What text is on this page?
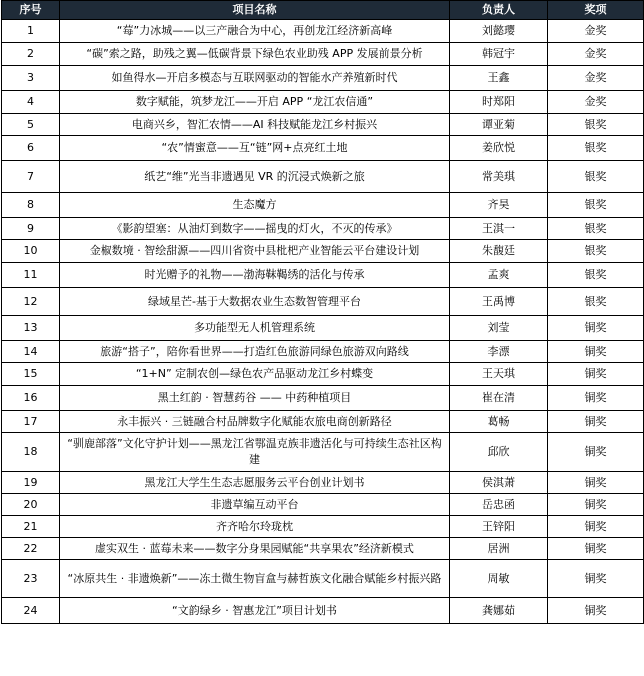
序号	项目名称	负责人	奖项
1	“莓”力冰城——以三产融合为中心，再创龙江经济新高峰	刘懿璎	金奖
2	“碳”索之路，助残之翼—低碳背景下绿色农业助残 APP 发展前景分析	韩冠宇	金奖
3	如鱼得水—开启多模态与互联网驱动的智能水产养殖新时代	王鑫	金奖
4	数字赋能，筑梦龙江——开启 APP “龙江农信通”	时郑阳	金奖
5	电商兴乡，智汇农情——AI 科技赋能龙江乡村振兴	谭亚菊	银奖
6	“农”情蜜意——互“链”网+点亮红土地	姜欣悦	银奖
7	纸艺“维”光当非遗遇见 VR 的沉浸式焕新之旅	常美琪	银奖
8	生态魔方	齐昊	银奖
9	《影韵望塞：从油灯到数字——摇曳的灯火，不灭的传承》	王淇一	银奖
10	金椒数境 · 智绘甜源——四川省资中县枇杷产业智能云平台建设计划	朱馥廷	银奖
11	时光赠予的礼物——渤海靺鞨绣的活化与传承	孟爽	银奖
12	绿域星芒-基于大数据农业生态数智管理平台	王禹博	银奖
13	多功能型无人机管理系统	刘莹	铜奖
14	旅游“搭子”，陪你看世界——打造红色旅游同绿色旅游双向路线	李漂	铜奖
15	“1+N” 定制农创—绿色农产品驱动龙江乡村蝶变	王天琪	铜奖
16	黑土红韵 · 智慧药谷 —— 中药种植项目	崔在清	铜奖
17	永丰振兴 · 三链融合村品牌数字化赋能农旅电商创新路径	葛畅	铜奖
18	“驯鹿部落”文化守护计划——黑龙江省鄂温克族非遗活化与可持续生态社区构建	邱欣	铜奖
19	黑龙江大学生生态志愿服务云平台创业计划书	侯淇萧	铜奖
20	非遗草编互动平台	岳忠函	铜奖
21	齐齐哈尔玲珑枕	王锌阳	铜奖
22	虚实双生 · 蓝莓未来——数字分身果园赋能“共享果农”经济新模式	居洲	铜奖
23	“冰原共生 · 非遗焕新”——冻土微生物盲盒与赫哲族文化融合赋能乡村振兴路	周敏	铜奖
24	“文韵绿乡 · 智惠龙江”项目计划书	龚娜茹	铜奖
